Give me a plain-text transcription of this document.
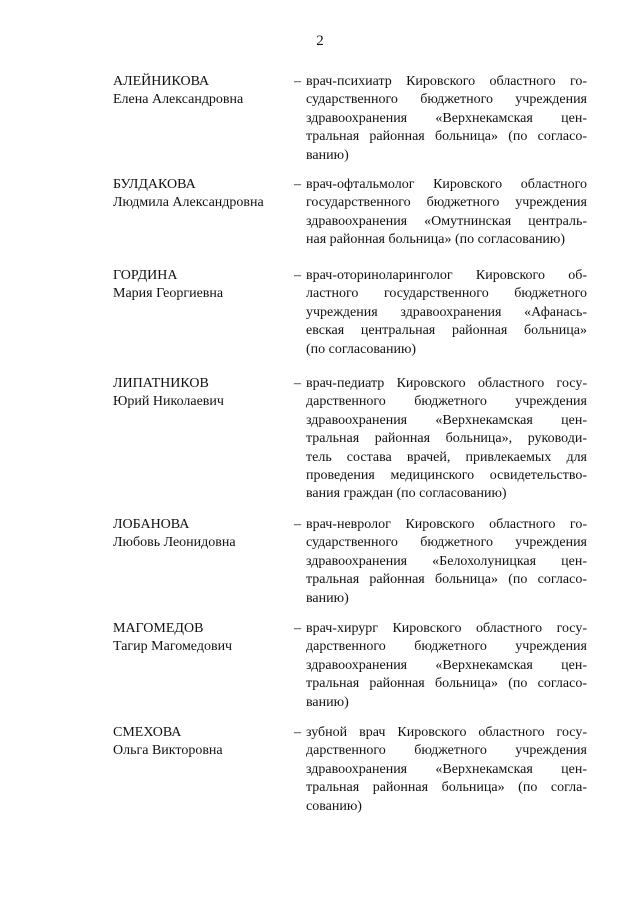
2
АЛЕЙНИКОВА
Елена Александровна
– врач-психиатр Кировского областного го-
сударственного бюджетного учреждения
здравоохранения «Верхнекамская цен-
тральная районная больница» (по согласо-
ванию)
БУЛДАКОВА
Людмила Александровна
– врач-офтальмолог Кировского областного
государственного бюджетного учреждения
здравоохранения «Омутнинская централь-
ная районная больница» (по согласованию)
ГОРДИНА
Мария Георгиевна
– врач-оториноларинголог Кировского об-
ластного государственного бюджетного
учреждения здравоохранения «Афанась-
евская центральная районная больница»
(по согласованию)
ЛИПАТНИКОВ
Юрий Николаевич
– врач-педиатр Кировского областного госу-
дарственного бюджетного учреждения
здравоохранения «Верхнекамская цен-
тральная районная больница», руководи-
тель состава врачей, привлекаемых для
проведения медицинского освидетельство-
вания граждан (по согласованию)
ЛОБАНОВА
Любовь Леонидовна
– врач-невролог Кировского областного го-
сударственного бюджетного учреждения
здравоохранения «Белохолуницкая цен-
тральная районная больница» (по согласо-
ванию)
МАГОМЕДОВ
Тагир Магомедович
– врач-хирург Кировского областного госу-
дарственного бюджетного учреждения
здравоохранения «Верхнекамская цен-
тральная районная больница» (по согласо-
ванию)
СМЕХОВА
Ольга Викторовна
– зубной врач Кировского областного госу-
дарственного бюджетного учреждения
здравоохранения «Верхнекамская цен-
тральная районная больница» (по согла-
сованию)
